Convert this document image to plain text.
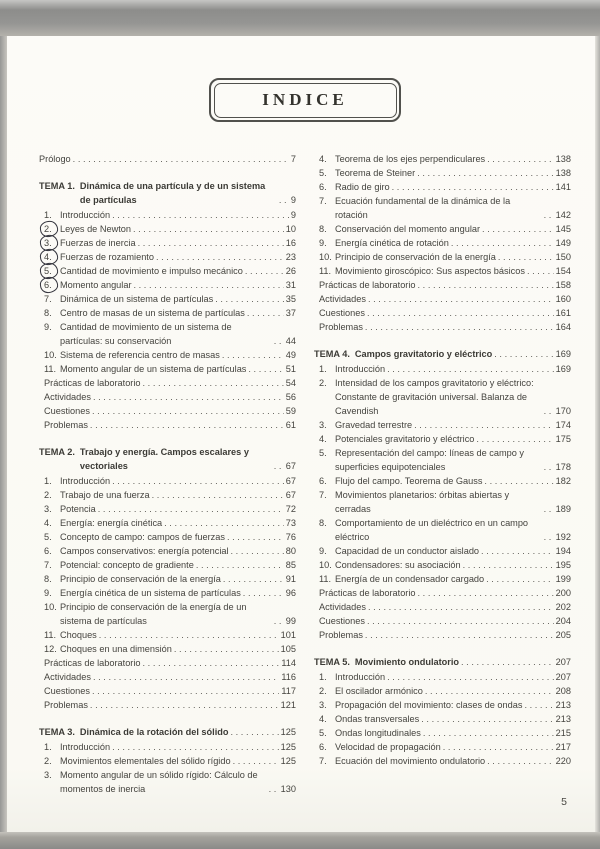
INDICE
Prólogo .....	7
TEMA 1. Dinámica de una partícula y de un sistema de partículas .....	9
1. Introducción .....	9
2. Leyes de Newton .....	10
3. Fuerzas de inercia .....	16
4. Fuerzas de rozamiento .....	23
5. Cantidad de movimiento e impulso mecánico .....	26
6. Momento angular .....	31
7. Dinámica de un sistema de partículas .....	35
8. Centro de masas de un sistema de partículas .....	37
9. Cantidad de movimiento de un sistema de partículas: su conservación .....	44
10. Sistema de referencia centro de masas .....	49
11. Momento angular de un sistema de partículas .....	51
Prácticas de laboratorio .....	54
Actividades .....	56
Cuestiones .....	59
Problemas .....	61
TEMA 2. Trabajo y energía. Campos escalares y vectoriales .....	67
1. Introducción .....	67
2. Trabajo de una fuerza .....	67
3. Potencia .....	72
4. Energía: energía cinética .....	73
5. Concepto de campo: campos de fuerzas .....	76
6. Campos conservativos: energía potencial .....	80
7. Potencial: concepto de gradiente .....	85
8. Principio de conservación de la energía .....	91
9. Energía cinética de un sistema de partículas .....	96
10. Principio de conservación de la energía de un sistema de partículas .....	99
11. Choques .....	101
12. Choques en una dimensión .....	105
Prácticas de laboratorio .....	114
Actividades .....	116
Cuestiones .....	117
Problemas .....	121
TEMA 3. Dinámica de la rotación del sólido .....	125
1. Introducción .....	125
2. Movimientos elementales del sólido rígido .....	125
3. Momento angular de un sólido rígido: Cálculo de momentos de inercia .....	130
4. Teorema de los ejes perpendiculares .....	138
5. Teorema de Steiner .....	138
6. Radio de giro .....	141
7. Ecuación fundamental de la dinámica de la rotación .....	142
8. Conservación del momento angular .....	145
9. Energía cinética de rotación .....	149
10. Principio de conservación de la energía .....	150
11. Movimiento giroscópico: Sus aspectos básicos .....	154
Prácticas de laboratorio .....	158
Actividades .....	160
Cuestiones .....	161
Problemas .....	164
TEMA 4. Campos gravitatorio y eléctrico .....	169
1. Introducción .....	169
2. Intensidad de los campos gravitatorio y eléctrico: Constante de gravitación universal. Balanza de Cavendish .....	170
3. Gravedad terrestre .....	174
4. Potenciales gravitatorio y eléctrico .....	175
5. Representación del campo: líneas de campo y superficies equipotenciales .....	178
6. Flujo del campo. Teorema de Gauss .....	182
7. Movimientos planetarios: órbitas abiertas y cerradas .....	189
8. Comportamiento de un dieléctrico en un campo eléctrico .....	192
9. Capacidad de un conductor aislado .....	194
10. Condensadores: su asociación .....	195
11. Energía de un condensador cargado .....	199
Prácticas de laboratorio .....	200
Actividades .....	202
Cuestiones .....	204
Problemas .....	205
TEMA 5. Movimiento ondulatorio .....	207
1. Introducción .....	207
2. El oscilador armónico .....	208
3. Propagación del movimiento: clases de ondas .....	213
4. Ondas transversales .....	213
5. Ondas longitudinales .....	215
6. Velocidad de propagación .....	217
7. Ecuación del movimiento ondulatorio .....	220
5
